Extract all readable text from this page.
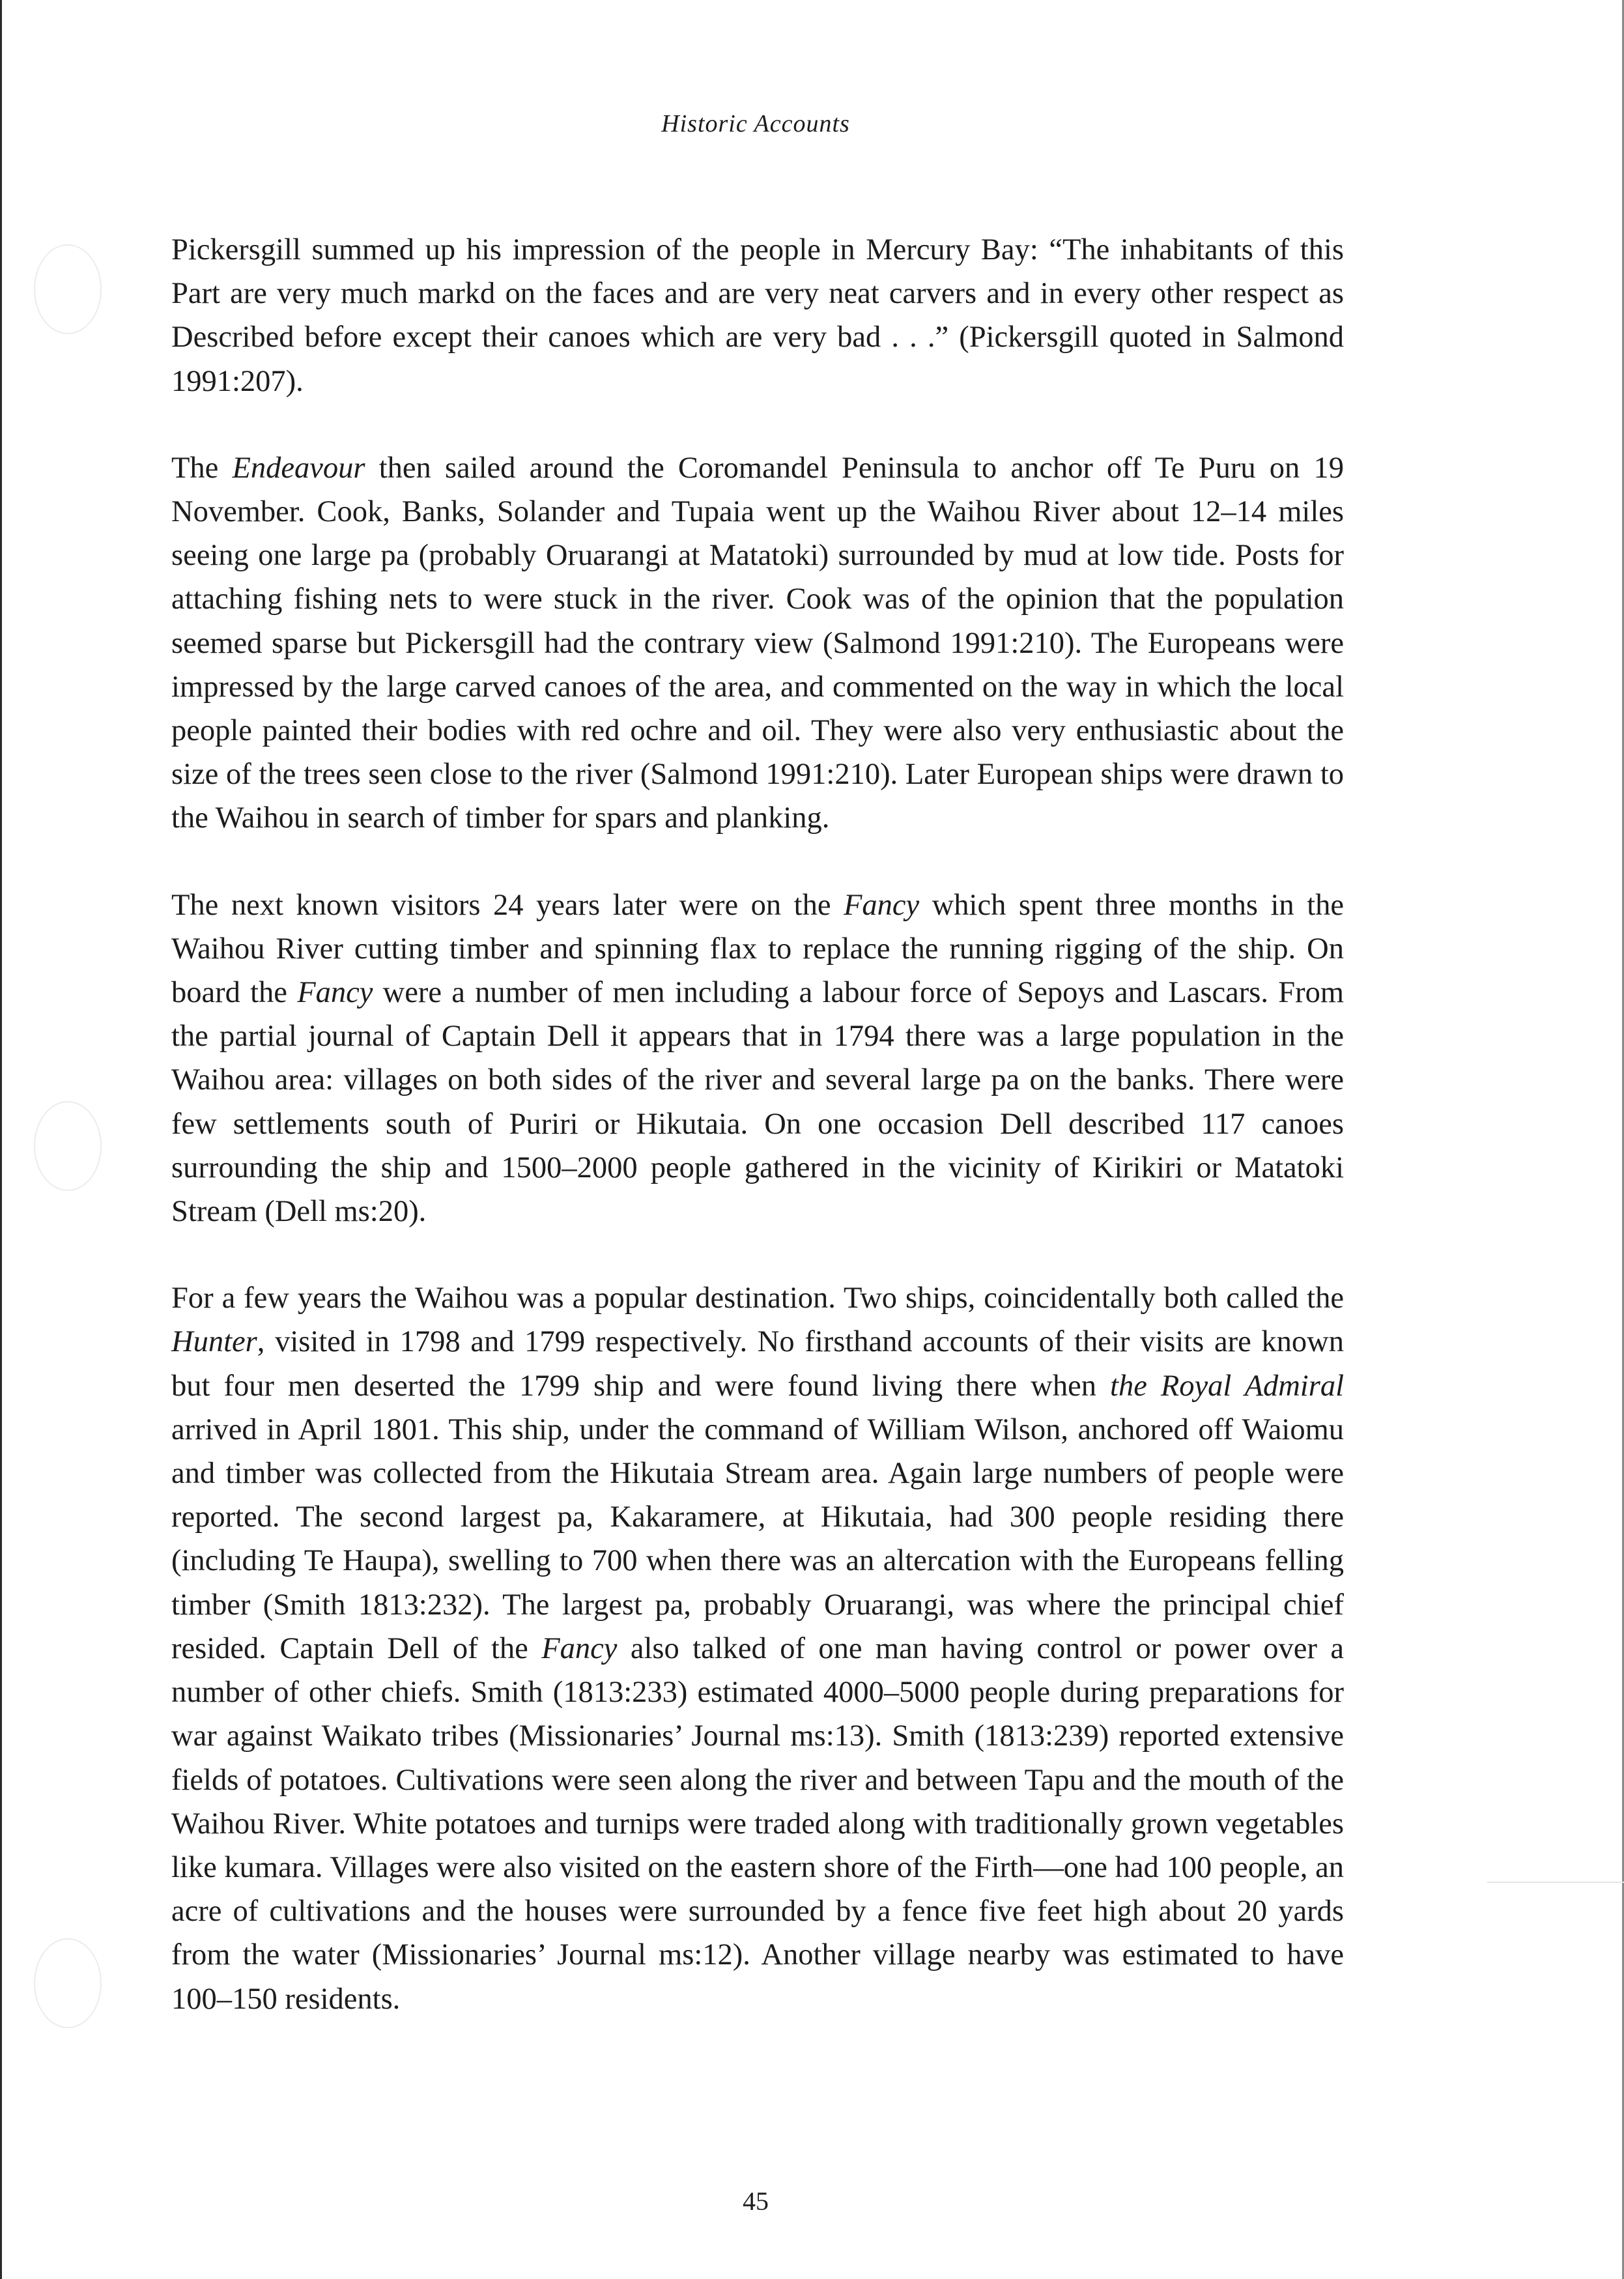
Historic Accounts

Pickersgill summed up his impression of the people in Mercury Bay: “The inhabitants of this Part are very much markd on the faces and are very neat carvers and in every other respect as Described before except their canoes which are very bad . . .” (Pickersgill quoted in Salmond 1991:207).

The Endeavour then sailed around the Coromandel Peninsula to anchor off Te Puru on 19 November. Cook, Banks, Solander and Tupaia went up the Waihou River about 12–14 miles seeing one large pa (probably Oruarangi at Matatoki) surrounded by mud at low tide. Posts for attaching fishing nets to were stuck in the river. Cook was of the opinion that the population seemed sparse but Pickersgill had the contrary view (Salmond 1991:210). The Europeans were impressed by the large carved canoes of the area, and commented on the way in which the local people painted their bodies with red ochre and oil. They were also very enthusiastic about the size of the trees seen close to the river (Salmond 1991:210). Later European ships were drawn to the Waihou in search of timber for spars and planking.

The next known visitors 24 years later were on the Fancy which spent three months in the Waihou River cutting timber and spinning flax to replace the running rigging of the ship. On board the Fancy were a number of men including a labour force of Sepoys and Lascars. From the partial journal of Captain Dell it appears that in 1794 there was a large population in the Waihou area: villages on both sides of the river and several large pa on the banks. There were few settlements south of Puriri or Hikutaia. On one occasion Dell described 117 canoes surrounding the ship and 1500–2000 people gathered in the vicinity of Kirikiri or Matatoki Stream (Dell ms:20).

For a few years the Waihou was a popular destination. Two ships, coincidentally both called the Hunter, visited in 1798 and 1799 respectively. No firsthand accounts of their visits are known but four men deserted the 1799 ship and were found living there when the Royal Admiral arrived in April 1801. This ship, under the command of William Wilson, anchored off Waiomu and timber was collected from the Hikutaia Stream area. Again large numbers of people were reported. The second largest pa, Kakaramere, at Hikutaia, had 300 people residing there (including Te Haupa), swelling to 700 when there was an altercation with the Europeans felling timber (Smith 1813:232). The largest pa, probably Oruarangi, was where the principal chief resided. Captain Dell of the Fancy also talked of one man having control or power over a number of other chiefs. Smith (1813:233) estimated 4000–5000 people during preparations for war against Waikato tribes (Missionaries’ Journal ms:13). Smith (1813:239) reported extensive fields of potatoes. Cultivations were seen along the river and between Tapu and the mouth of the Waihou River. White potatoes and turnips were traded along with traditionally grown vegetables like kumara. Villages were also visited on the eastern shore of the Firth—one had 100 people, an acre of cultivations and the houses were surrounded by a fence five feet high about 20 yards from the water (Missionaries’ Journal ms:12). Another village nearby was estimated to have 100–150 residents.

45
